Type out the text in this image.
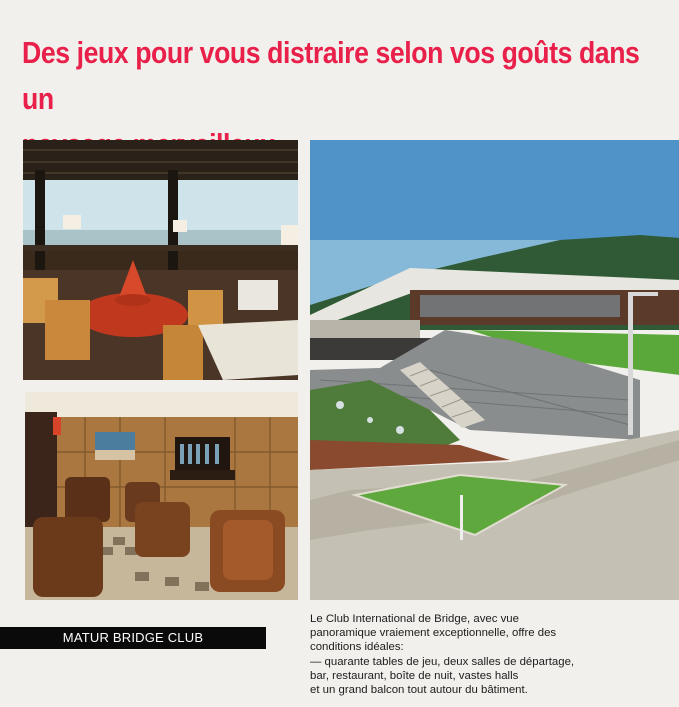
Des jeux pour vous distraire selon vos goûts dans un

MATUR BRIDGE CLUB

Le Club International de Bridge, avec vue
panoramique vraiement exceptionnelle, offre des
conditions idéales:
— quarante tables de jeu, deux salles de départage,
bar, restaurant, boîte de nuit, vastes halls
et un grand balcon tout autour du bâtiment.
